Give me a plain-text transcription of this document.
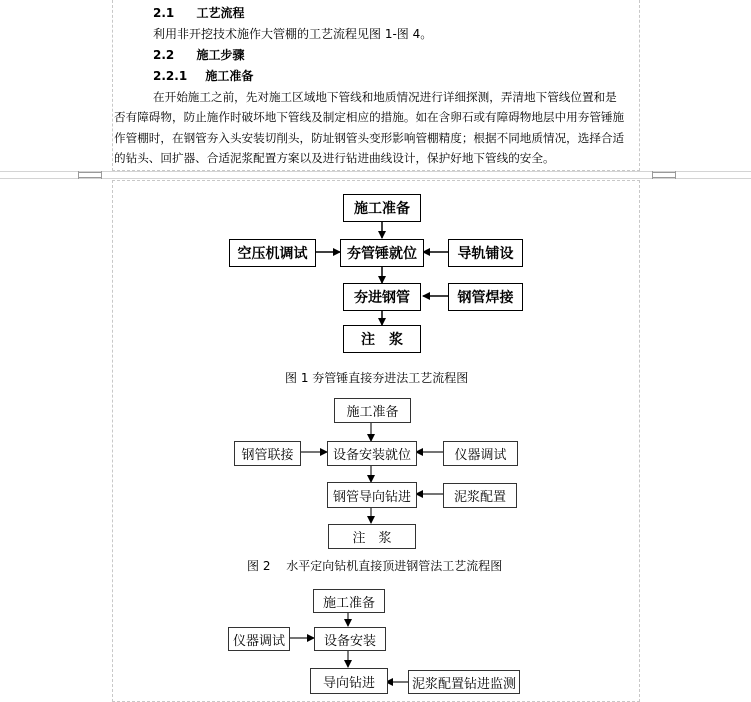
2.1 工艺流程
利用非开挖技术施作大管棚的工艺流程见图 1-图 4。
2.2 施工步骤
2.2.1 施工准备
在开始施工之前，先对施工区域地下管线和地质情况进行详细探测，弄清地下管线位置和是
否有障碍物，防止施作时破坏地下管线及制定相应的措施。如在含卵石或有障碍物地层中用夯管锤施
作管棚时，在钢管夯入头安装切削头，防址钢管头变形影响管棚精度；根据不同地质情况，选择合适
的钻头、回扩器、合适泥浆配置方案以及进行钻进曲线设计，保护好地下管线的安全。
施工准备
空压机调试	夯管锤就位	导轨铺设
夯进钢管	钢管焊接
注　浆
图 1 夯管锤直接夯进法工艺流程图
施工准备
钢管联接	设备安装就位	仪器调试
钢管导向钻进	泥浆配置
注　浆
图 2　 水平定向钻机直接顶进钢管法工艺流程图
施工准备
仪器调试	设备安装
导向钻进	泥浆配置钻进监测
